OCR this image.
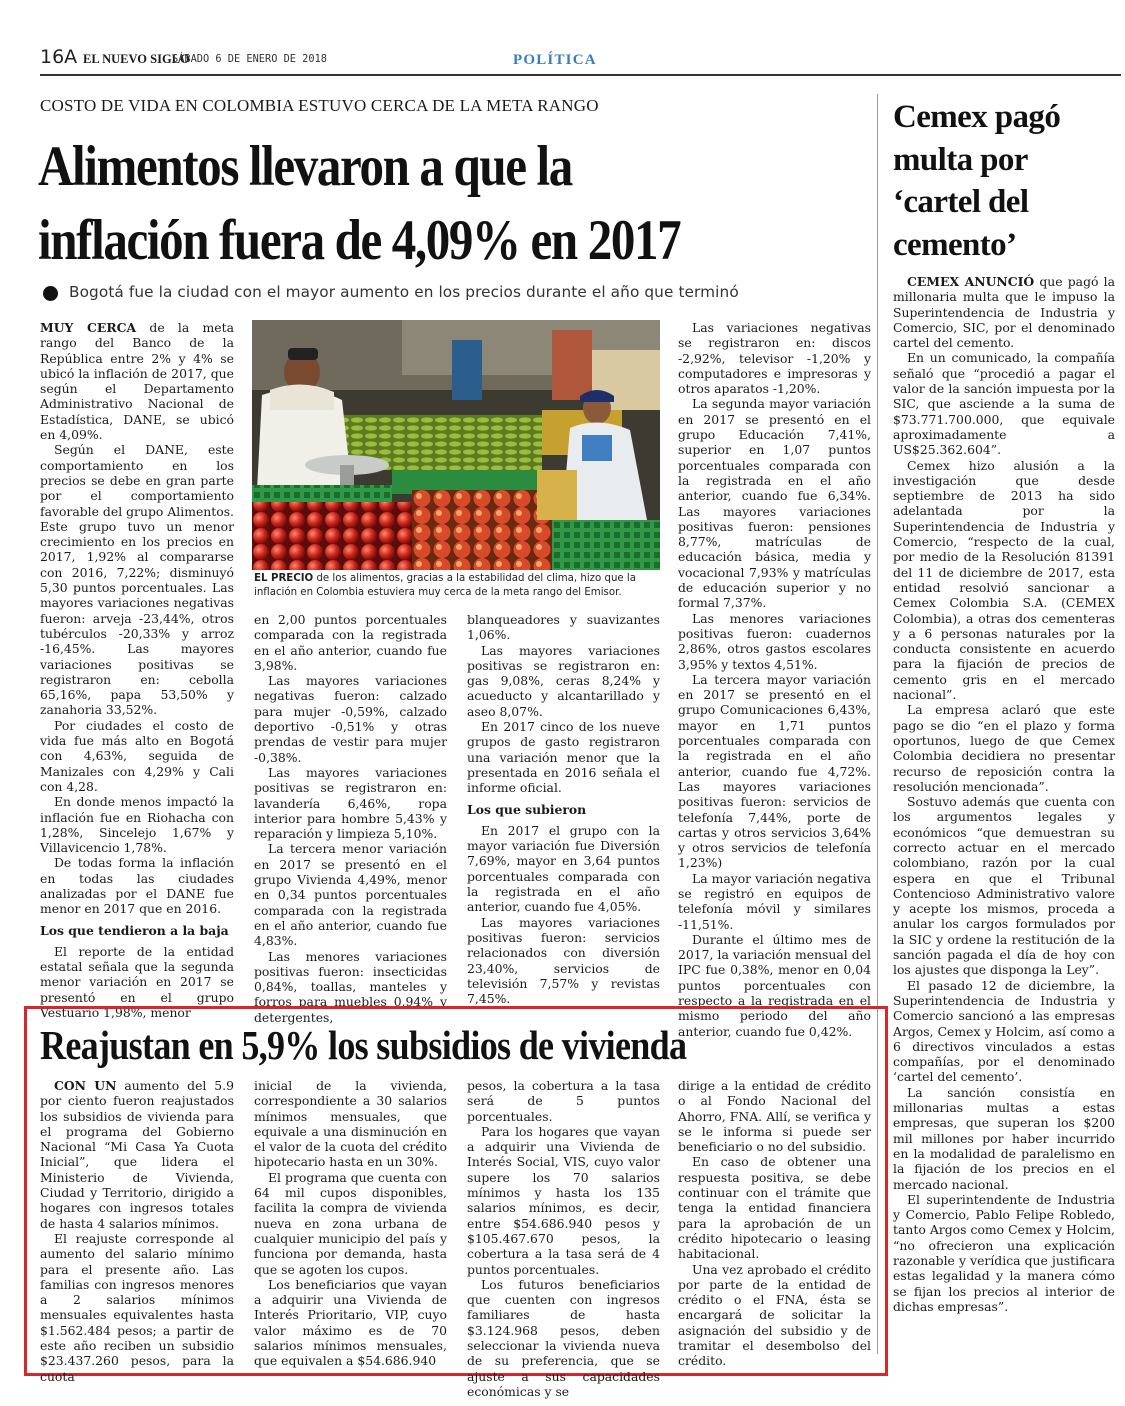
16A EL NUEVO SIGLO
SÁBADO 6 DE ENERO DE 2018	POLÍTICA
COSTO DE VIDA EN COLOMBIA ESTUVO CERCA DE LA META RANGO
Alimentos llevaron a que la inflación fuera de 4,09% en 2017
Bogotá fue la ciudad con el mayor aumento en los precios durante el año que terminó

EL PRECIO de los alimentos, gracias a la estabilidad del clima, hizo que la inflación en Colombia estuviera muy cerca de la meta rango del Emisor.

MUY CERCA de la meta rango del Banco de la República entre 2% y 4% se ubicó la inflación de 2017, que según el Departamento Administrativo Nacional de Estadística, DANE, se ubicó en 4,09%.

Según el DANE, este comportamiento en los precios se debe en gran parte por el comportamiento favorable del grupo Alimentos. Este grupo tuvo un menor crecimiento en los precios en 2017, 1,92% al compararse con 2016, 7,22%; disminuyó 5,30 puntos porcentuales. Las mayores variaciones negativas fueron: arveja -23,44%, otros tubérculos -20,33% y arroz -16,45%. Las mayores variaciones positivas se registraron en: cebolla 65,16%, papa 53,50% y zanahoria 33,52%.

Por ciudades el costo de vida fue más alto en Bogotá con 4,63%, seguida de Manizales con 4,29% y Cali con 4,28.

En donde menos impactó la inflación fue en Riohacha con 1,28%, Sincelejo 1,67% y Villavicencio 1,78%.

De todas forma la inflación en todas las ciudades analizadas por el DANE fue menor en 2017 que en 2016.

Los que tendieron a la baja

El reporte de la entidad estatal señala que la segunda menor variación en 2017 se presentó en el grupo Vestuario 1,98%, menor

en 2,00 puntos porcentuales comparada con la registrada en el año anterior, cuando fue 3,98%.

Las mayores variaciones negativas fueron: calzado para mujer -0,59%, calzado deportivo -0,51% y otras prendas de vestir para mujer -0,38%.

Las mayores variaciones positivas se registraron en: lavandería 6,46%, ropa interior para hombre 5,43% y reparación y limpieza 5,10%.

La tercera menor variación en 2017 se presentó en el grupo Vivienda 4,49%, menor en 0,34 puntos porcentuales comparada con la registrada en el año anterior, cuando fue 4,83%.

Las menores variaciones positivas fueron: insecticidas 0,84%, toallas, manteles y forros para muebles 0,94% y detergentes,

blanqueadores y suavizantes 1,06%.

Las mayores variaciones positivas se registraron en: gas 9,08%, ceras 8,24% y acueducto y alcantarillado y aseo 8,07%.

En 2017 cinco de los nueve grupos de gasto registraron una variación menor que la presentada en 2016 señala el informe oficial.

Los que subieron

En 2017 el grupo con la mayor variación fue Diversión 7,69%, mayor en 3,64 puntos porcentuales comparada con la registrada en el año anterior, cuando fue 4,05%.

Las mayores variaciones positivas fueron: servicios relacionados con diversión 23,40%, servicios de televisión 7,57% y revistas 7,45%.

Las variaciones negativas se registraron en: discos -2,92%, televisor -1,20% y computadores e impresoras y otros aparatos -1,20%.

La segunda mayor variación en 2017 se presentó en el grupo Educación 7,41%, superior en 1,07 puntos porcentuales comparada con la registrada en el año anterior, cuando fue 6,34%. Las mayores variaciones positivas fueron: pensiones 8,77%, matrículas de educación básica, media y vocacional 7,93% y matrículas de educación superior y no formal 7,37%.

Las menores variaciones positivas fueron: cuadernos 2,86%, otros gastos escolares 3,95% y textos 4,51%.

La tercera mayor variación en 2017 se presentó en el grupo Comunicaciones 6,43%, mayor en 1,71 puntos porcentuales comparada con la registrada en el año anterior, cuando fue 4,72%. Las mayores variaciones positivas fueron: servicios de telefonía 7,44%, porte de cartas y otros servicios 3,64% y otros servicios de telefonía 1,23%)

La mayor variación negativa se registró en equipos de telefonía móvil y similares -11,51%.

Durante el último mes de 2017, la variación mensual del IPC fue 0,38%, menor en 0,04 puntos porcentuales con respecto a la registrada en el mismo periodo del año anterior, cuando fue 0,42%.

Cemex pagó multa por ‘cartel del cemento’

CEMEX ANUNCIÓ que pagó la millonaria multa que le impuso la Superintendencia de Industria y Comercio, SIC, por el denominado cartel del cemento.

En un comunicado, la compañía señaló que “procedió a pagar el valor de la sanción impuesta por la SIC, que asciende a la suma de $73.771.700.000, que equivale aproximadamente a US$25.362.604”.

Cemex hizo alusión a la investigación que desde septiembre de 2013 ha sido adelantada por la Superintendencia de Industria y Comercio, “respecto de la cual, por medio de la Resolución 81391 del 11 de diciembre de 2017, esta entidad resolvió sancionar a Cemex Colombia S.A. (CEMEX Colombia), a otras dos cementeras y a 6 personas naturales por la conducta consistente en acuerdo para la fijación de precios de cemento gris en el mercado nacional”.

La empresa aclaró que este pago se dio “en el plazo y forma oportunos, luego de que Cemex Colombia decidiera no presentar recurso de reposición contra la resolución mencionada”.

Sostuvo además que cuenta con los argumentos legales y económicos “que demuestran su correcto actuar en el mercado colombiano, razón por la cual espera en que el Tribunal Contencioso Administrativo valore y acepte los mismos, proceda a anular los cargos formulados por la SIC y ordene la restitución de la sanción pagada el día de hoy con los ajustes que disponga la Ley”.

El pasado 12 de diciembre, la Superintendencia de Industria y Comercio sancionó a las empresas Argos, Cemex y Holcim, así como a 6 directivos vinculados a estas compañías, por el denominado ‘cartel del cemento’.

La sanción consistía en millonarias multas a estas empresas, que superan los $200 mil millones por haber incurrido en la modalidad de paralelismo en la fijación de los precios en el mercado nacional.

El superintendente de Industria y Comercio, Pablo Felipe Robledo, tanto Argos como Cemex y Holcim, “no ofrecieron una explicación razonable y verídica que justificara estas legalidad y la manera cómo se fijan los precios al interior de dichas empresas”.

Reajustan en 5,9% los subsidios de vivienda

CON UN aumento del 5.9 por ciento fueron reajustados los subsidios de vivienda para el programa del Gobierno Nacional “Mi Casa Ya Cuota Inicial”, que lidera el Ministerio de Vivienda, Ciudad y Territorio, dirigido a hogares con ingresos totales de hasta 4 salarios mínimos.

El reajuste corresponde al aumento del salario mínimo para el presente año. Las familias con ingresos menores a 2 salarios mínimos mensuales equivalentes hasta $1.562.484 pesos; a partir de este año reciben un subsidio $23.437.260 pesos, para la cuota

inicial de la vivienda, correspondiente a 30 salarios mínimos mensuales, que equivale a una disminución en el valor de la cuota del crédito hipotecario hasta en un 30%.

El programa que cuenta con 64 mil cupos disponibles, facilita la compra de vivienda nueva en zona urbana de cualquier municipio del país y funciona por demanda, hasta que se agoten los cupos.

Los beneficiarios que vayan a adquirir una Vivienda de Interés Prioritario, VIP, cuyo valor máximo es de 70 salarios mínimos mensuales, que equivalen a $54.686.940

pesos, la cobertura a la tasa será de 5 puntos porcentuales.

Para los hogares que vayan a adquirir una Vivienda de Interés Social, VIS, cuyo valor supere los 70 salarios mínimos y hasta los 135 salarios mínimos, es decir, entre $54.686.940 pesos y $105.467.670 pesos, la cobertura a la tasa será de 4 puntos porcentuales.

Los futuros beneficiarios que cuenten con ingresos familiares de hasta $3.124.968 pesos, deben seleccionar la vivienda nueva de su preferencia, que se ajuste a sus capacidades económicas y se

dirige a la entidad de crédito o al Fondo Nacional del Ahorro, FNA. Allí, se verifica y se le informa si puede ser beneficiario o no del subsidio.

En caso de obtener una respuesta positiva, se debe continuar con el trámite que tenga la entidad financiera para la aprobación de un crédito hipotecario o leasing habitacional.

Una vez aprobado el crédito por parte de la entidad de crédito o el FNA, ésta se encargará de solicitar la asignación del subsidio y de tramitar el desembolso del crédito.
